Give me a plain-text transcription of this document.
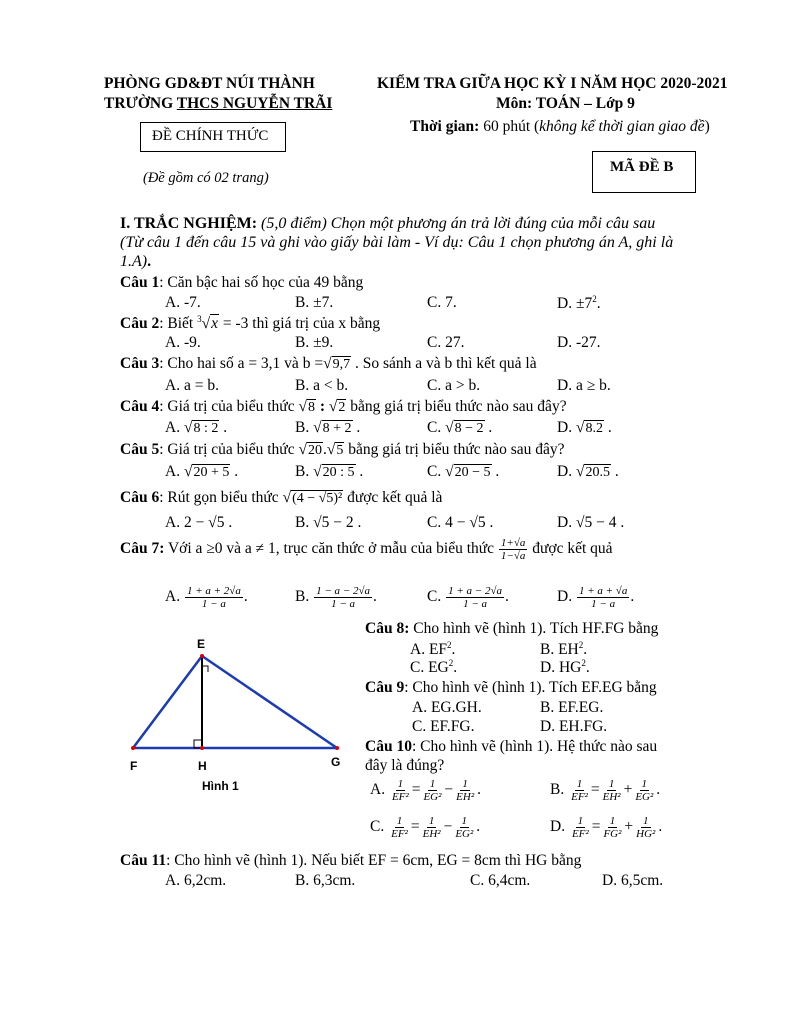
PHÒNG GD&ĐT NÚI THÀNH
TRƯỜNG THCS NGUYỄN TRÃI
ĐỀ CHÍNH THỨC
(Đề gồm có 02 trang)
KIỂM TRA GIỮA HỌC KỲ I NĂM HỌC 2020-2021
Môn: TOÁN – Lớp 9
Thời gian: 60 phút (không kể thời gian giao đề)
MÃ ĐỀ B
I. TRẮC NGHIỆM: (5,0 điểm) Chọn một phương án trả lời đúng của mỗi câu sau
(Từ câu 1 đến câu 15 và ghi vào giấy bài làm - Ví dụ: Câu 1 chọn phương án A, ghi là
1.A).
Câu 1: Căn bậc hai số học của 49 bằng
A. -7.	B. ±7.	C. 7.	D. $\pm 7^2$.
Câu 2: Biết $^3$√x = -3 thì giá trị của x bằng
A. -9.	B. ±9.	C. 27.	D. -27.
Câu 3: Cho hai số a = 3,1 và b =√9,7 . So sánh a và b thì kết quả là
A. a = b.	B. a < b.	C. a > b.	D. a ≥ b.
Câu 4: Giá trị của biểu thức √8 : √2 bằng giá trị biểu thức nào sau đây?
A. √8 : 2 .	B. √8 + 2 .	C. √8 − 2 .	D. √8.2 .
Câu 5: Giá trị của biểu thức √20.√5 bằng giá trị biểu thức nào sau đây?
A. √20 + 5 .	B. √20 : 5 .	C. √20 − 5 .	D. √20.5 .
Câu 6: Rút gọn biểu thức √(4 − √5)² được kết quả là
A. 2 − √5 .	B. √5 − 2 .	C. 4 − √5 .	D. √5 − 4 .
Câu 7: Với a ≥0 và a ≠ 1, trục căn thức ở mẫu của biểu thức $\frac{1+√a}{1-√a}$ được kết quả
A. $\frac{1 + a + 2√a}{1 - a}$ .	B. $\frac{1 - a - 2√a}{1 - a}$ .	C. $\frac{1 + a - 2√a}{1 - a}$ .	D. $\frac{1 + a + √a}{1 - a}$ .
E
F	H	G
Hình 1
Câu 8: Cho hình vẽ (hình 1). Tích HF.FG bằng
A. $EF^2$.	B. $EH^2$.
C. $EG^2$.	D. $HG^2$.
Câu 9: Cho hình vẽ (hình 1). Tích EF.EG bằng
A. EG.GH.	B. EF.EG.
C. EF.FG.	D. EH.FG.
Câu 10: Cho hình vẽ (hình 1). Hệ thức nào sau
đây là đúng?
A. $\frac{1}{\text{EF²}} = \frac{1}{\text{EG²}} - \frac{1}{\text{EH²}}$ .	B. $\frac{1}{\text{EF²}} = \frac{1}{\text{EH²}} + \frac{1}{\text{EG²}}$ .
C. $\frac{1}{\text{EF²}} = \frac{1}{\text{EH²}} - \frac{1}{\text{EG²}}$ .	D. $\frac{1}{\text{EF²}} = \frac{1}{\text{FG²}} + \frac{1}{\text{HG²}}$ .
Câu 11: Cho hình vẽ (hình 1). Nếu biết EF = 6cm, EG = 8cm thì HG bằng
A. 6,2cm.	B. 6,3cm.	C. 6,4cm.	D. 6,5cm.
